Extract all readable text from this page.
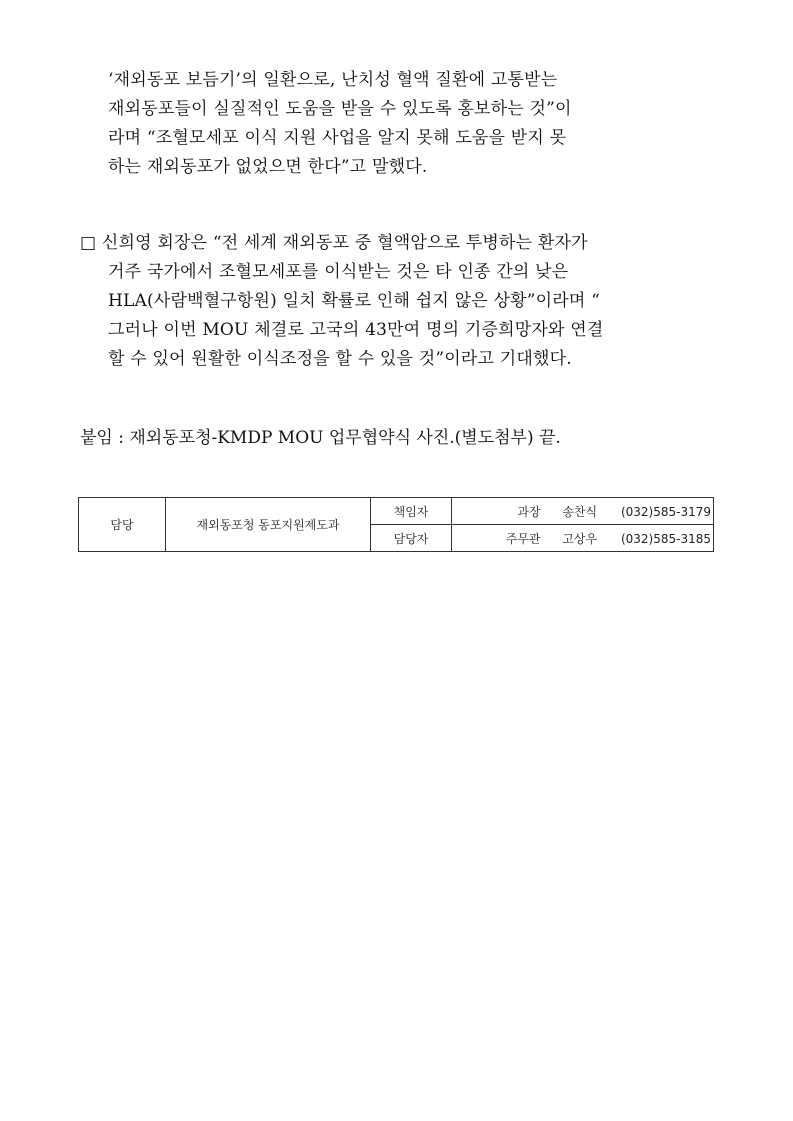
‘재외동포 보듬기’의 일환으로, 난치성 혈액 질환에 고통받는
재외동포들이 실질적인 도움을 받을 수 있도록 홍보하는 것”이
라며 “조혈모세포 이식 지원 사업을 알지 못해 도움을 받지 못
하는 재외동포가 없었으면 한다”고 말했다.
□ 신희영 회장은 “전 세계 재외동포 중 혈액암으로 투병하는 환자가
거주 국가에서 조혈모세포를 이식받는 것은 타 인종 간의 낮은
HLA(사람백혈구항원) 일치 확률로 인해 쉽지 않은 상황”이라며 “
그러나 이번 MOU 체결로 고국의 43만여 명의 기증희망자와 연결
할 수 있어 원활한 이식조정을 할 수 있을 것”이라고 기대했다.
붙임 : 재외동포청-KMDP MOU 업무협약식 사진.(별도첨부) 끝.
담당	재외동포청 동포지원제도과	책임자	과장 송찬식 (032)585-3179
		담당자	주무관 고상우 (032)585-3185
